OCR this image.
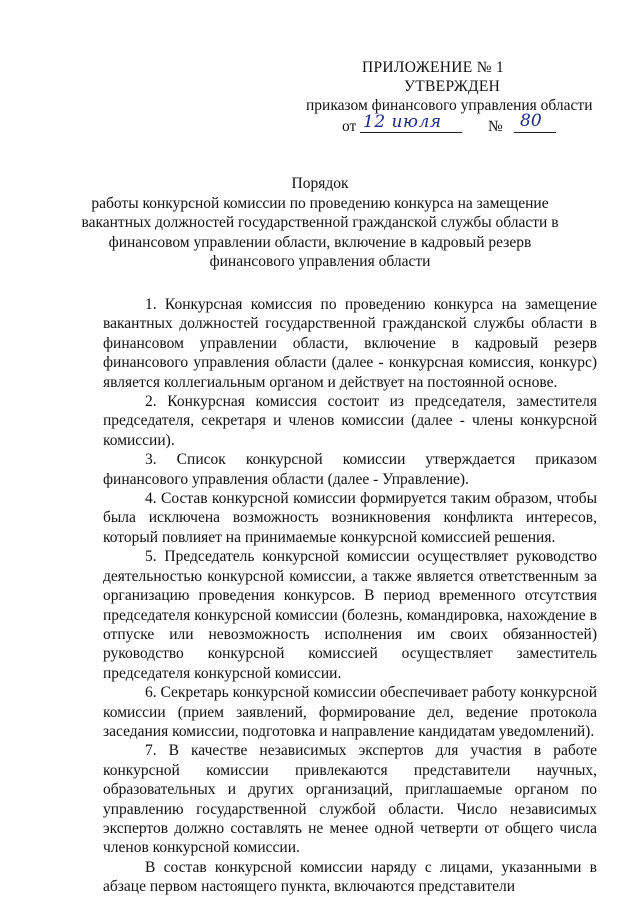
ПРИЛОЖЕНИЕ № 1
УТВЕРЖДЕН
приказом финансового управления области
от 12 июля	№ 80
Порядок
работы конкурсной комиссии по проведению конкурса на замещение
вакантных должностей государственной гражданской службы области в
финансовом управлении области, включение в кадровый резерв
финансового управления области

1. Конкурсная комиссия по проведению конкурса на замещение вакантных должностей государственной гражданской службы области в финансовом управлении области, включение в кадровый резерв финансового управления области (далее - конкурсная комиссия, конкурс) является коллегиальным органом и действует на постоянной основе.

2. Конкурсная комиссия состоит из председателя, заместителя председателя, секретаря и членов комиссии (далее - члены конкурсной комиссии).

3. Список конкурсной комиссии утверждается приказом финансового управления области (далее - Управление).

4. Состав конкурсной комиссии формируется таким образом, чтобы была исключена возможность возникновения конфликта интересов, который повлияет на принимаемые конкурсной комиссией решения.

5. Председатель конкурсной комиссии осуществляет руководство деятельностью конкурсной комиссии, а также является ответственным за организацию проведения конкурсов. В период временного отсутствия председателя конкурсной комиссии (болезнь, командировка, нахождение в отпуске или невозможность исполнения им своих обязанностей) руководство конкурсной комиссией осуществляет заместитель председателя конкурсной комиссии.

6. Секретарь конкурсной комиссии обеспечивает работу конкурсной комиссии (прием заявлений, формирование дел, ведение протокола заседания комиссии, подготовка и направление кандидатам уведомлений).

7. В качестве независимых экспертов для участия в работе конкурсной комиссии привлекаются представители научных, образовательных и других организаций, приглашаемые органом по управлению государственной службой области. Число независимых экспертов должно составлять не менее одной четверти от общего числа членов конкурсной комиссии.

В состав конкурсной комиссии наряду с лицами, указанными в абзаце первом настоящего пункта, включаются представители
